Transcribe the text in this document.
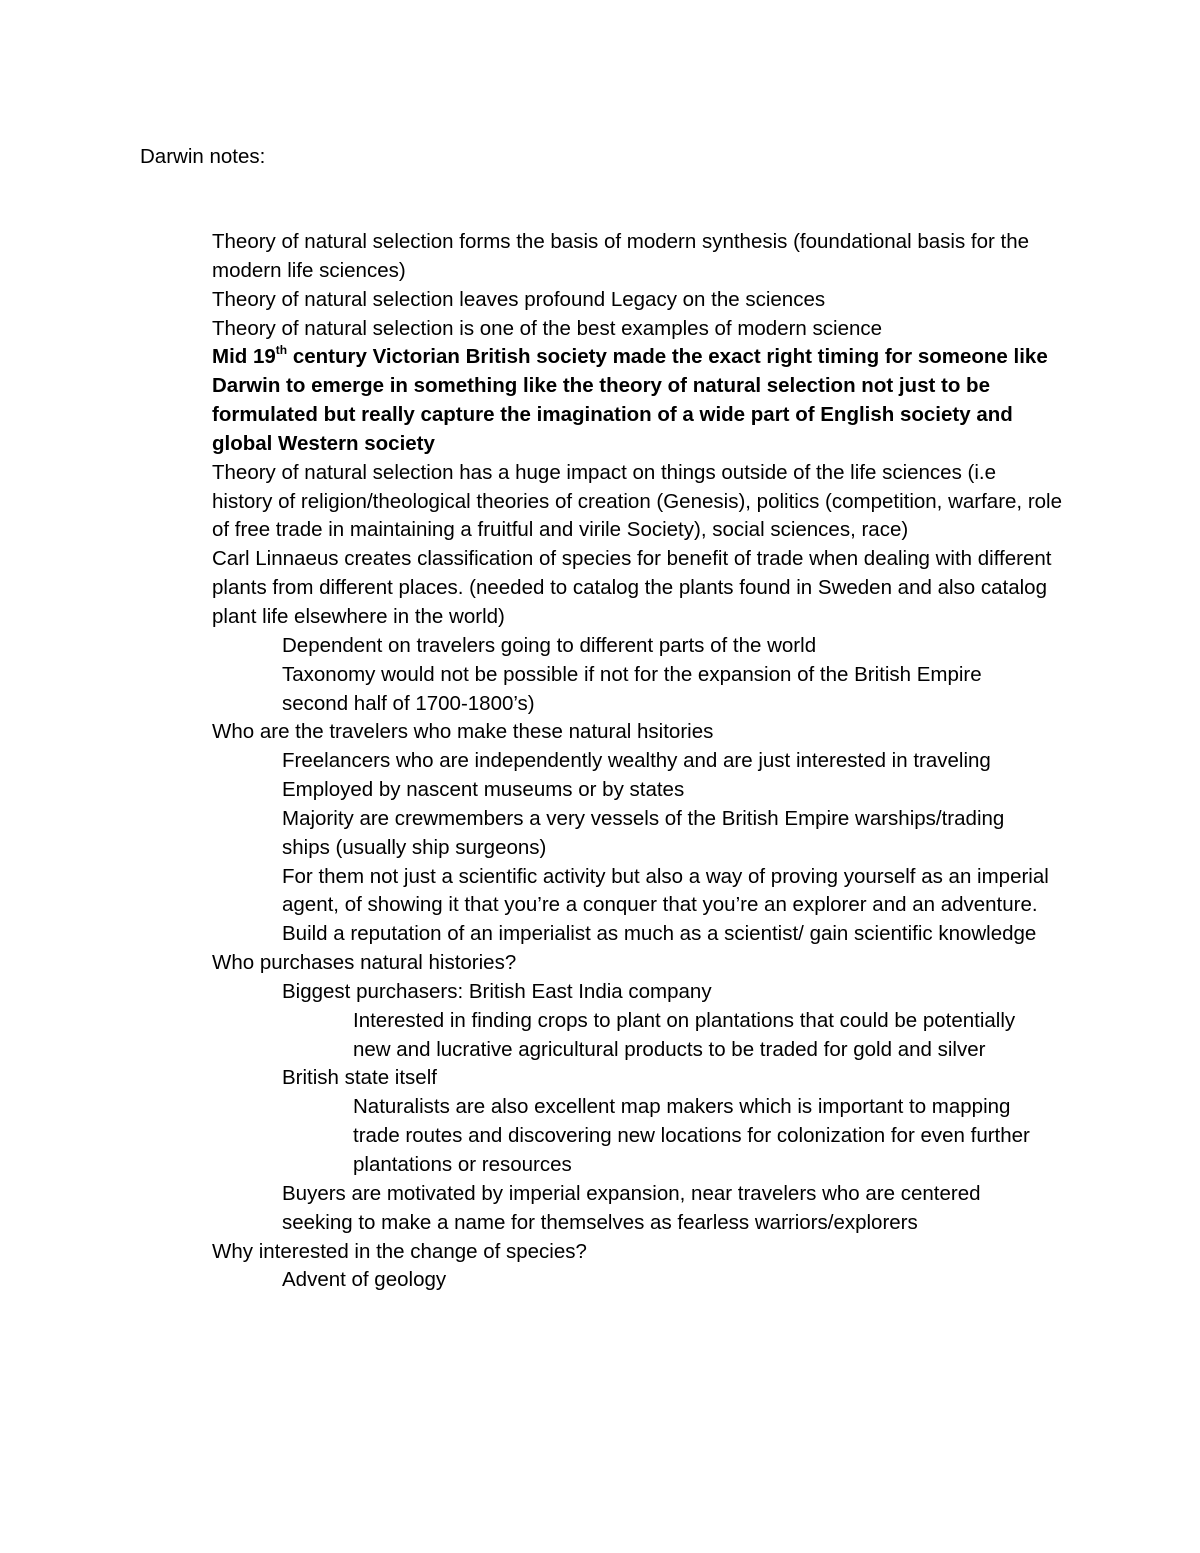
Darwin notes:
Theory of natural selection forms the basis of modern synthesis (foundational basis for the modern life sciences)
Theory of natural selection leaves profound Legacy on the sciences
Theory of natural selection is one of the best examples of modern science
Mid 19th century Victorian British society made the exact right timing for someone like Darwin to emerge in something like the theory of natural selection not just to be formulated but really capture the imagination of a wide part of English society and global Western society
Theory of natural selection has a huge impact on things outside of the life sciences (i.e history of religion/theological theories of creation (Genesis), politics (competition, warfare, role of free trade in maintaining a fruitful and virile Society), social sciences, race)
Carl Linnaeus creates classification of species for benefit of trade when dealing with different plants from different places. (needed to catalog the plants found in Sweden and also catalog plant life elsewhere in the world)
Dependent on travelers going to different parts of the world
Taxonomy would not be possible if not for the expansion of the British Empire second half of 1700-1800’s)
Who are the travelers who make these natural hsitories
Freelancers who are independently wealthy and are just interested in traveling
Employed by nascent museums or by states
Majority are crewmembers a very vessels of the British Empire warships/trading ships (usually ship surgeons)
For them not just a scientific activity but also a way of proving yourself as an imperial agent, of showing it that you’re a conquer that you’re an explorer and an adventure. Build a reputation of an imperialist as much as a scientist/ gain scientific knowledge
Who purchases natural histories?
Biggest purchasers: British East India company
Interested in finding crops to plant on plantations that could be potentially new and lucrative agricultural products to be traded for gold and silver
British state itself
Naturalists are also excellent map makers which is important to mapping trade routes and discovering new locations for colonization for even further plantations or resources
Buyers are motivated by imperial expansion, near travelers who are centered seeking to make a name for themselves as fearless warriors/explorers
Why interested in the change of species?
Advent of geology
